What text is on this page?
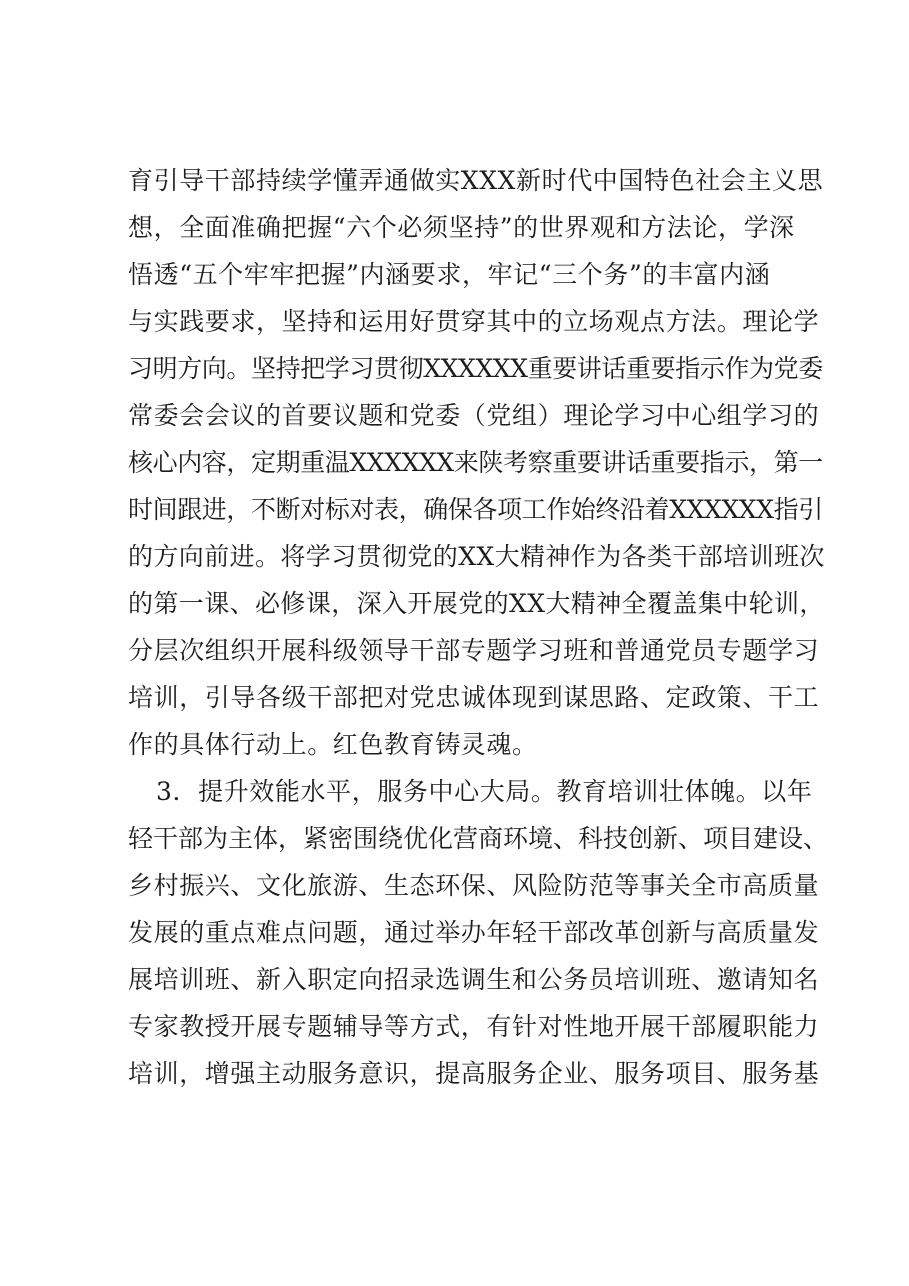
育引导干部持续学懂弄通做实XXX新时代中国特色社会主义思
想，全面准确把握“六个必须坚持”的世界观和方法论，学深
悟透“五个牢牢把握”内涵要求，牢记“三个务”的丰富内涵
与实践要求，坚持和运用好贯穿其中的立场观点方法。理论学
习明方向。坚持把学习贯彻XXXXXX重要讲话重要指示作为党委
常委会会议的首要议题和党委（党组）理论学习中心组学习的
核心内容，定期重温XXXXXX来陕考察重要讲话重要指示，第一
时间跟进，不断对标对表，确保各项工作始终沿着XXXXXX指引
的方向前进。将学习贯彻党的XX大精神作为各类干部培训班次
的第一课、必修课，深入开展党的XX大精神全覆盖集中轮训，
分层次组织开展科级领导干部专题学习班和普通党员专题学习
培训，引导各级干部把对党忠诚体现到谋思路、定政策、干工
作的具体行动上。红色教育铸灵魂。
3．提升效能水平，服务中心大局。教育培训壮体魄。以年
轻干部为主体，紧密围绕优化营商环境、科技创新、项目建设、
乡村振兴、文化旅游、生态环保、风险防范等事关全市高质量
发展的重点难点问题，通过举办年轻干部改革创新与高质量发
展培训班、新入职定向招录选调生和公务员培训班、邀请知名
专家教授开展专题辅导等方式，有针对性地开展干部履职能力
培训，增强主动服务意识，提高服务企业、服务项目、服务基
